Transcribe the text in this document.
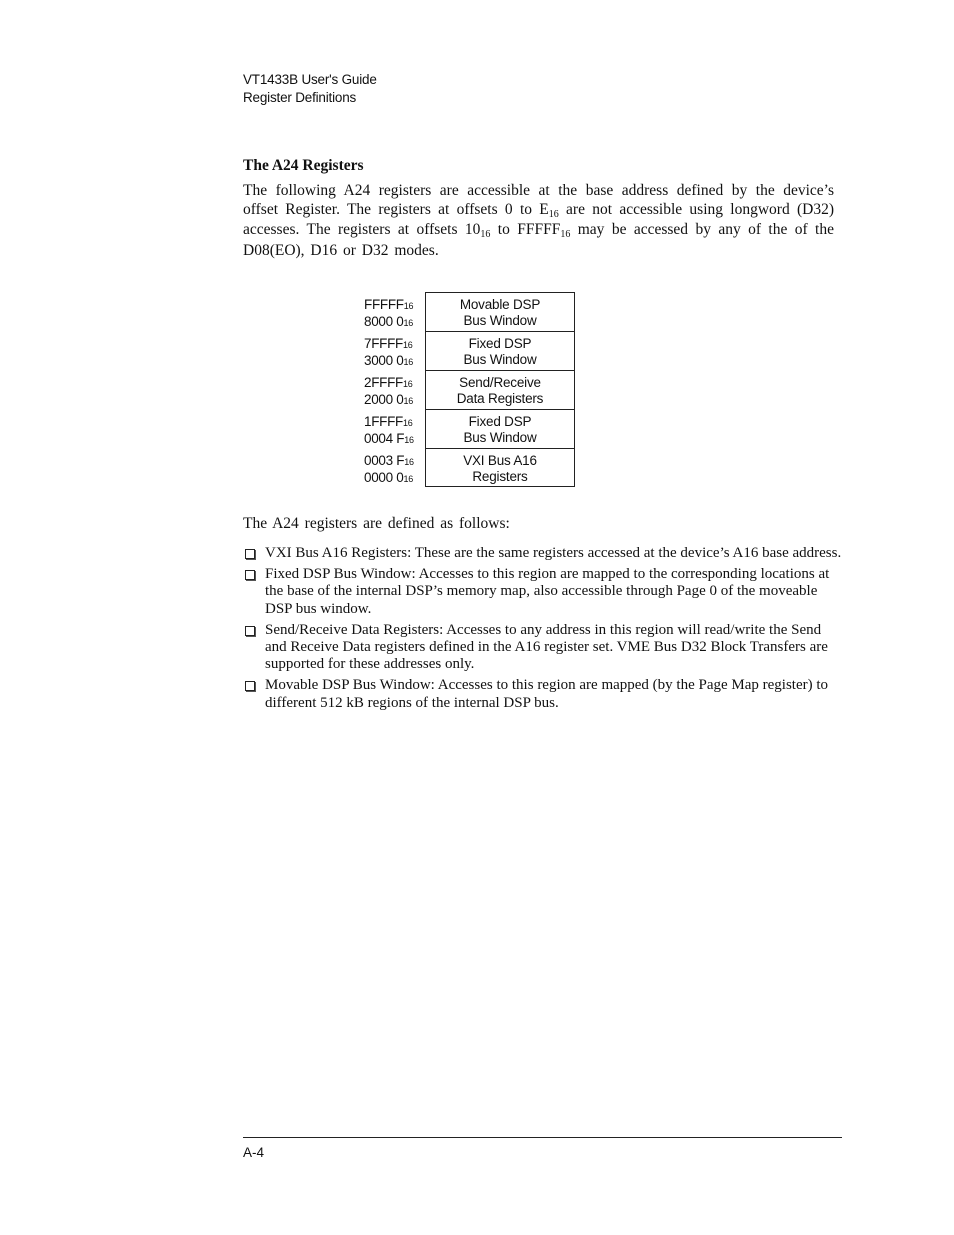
VT1433B User's Guide
Register Definitions
The A24 Registers
The following A24 registers are accessible at the base address defined by the device’s offset Register. The registers at offsets 0 to $E_{16}$ are not accessible using longword (D32) accesses. The registers at offsets $10_{16}$ to $FFFFF_{16}$ may be accessed by any of the of the D08(EO), D16 or D32 modes.
FFFFF16
8000 016
Movable DSP
Bus Window
7FFFF16
3000 016
Fixed DSP
Bus Window
2FFFF16
2000 016
Send/Receive
Data Registers
1FFFF16
0004 F16
Fixed DSP
Bus Window
0003 F16
0000 016
VXI Bus A16
Registers
The A24 registers are defined as follows:
VXI Bus A16 Registers: These are the same registers accessed at the device’s A16 base address.
Fixed DSP Bus Window: Accesses to this region are mapped to the corresponding locations at the base of the internal DSP’s memory map, also accessible through Page 0 of the moveable DSP bus window.
Send/Receive Data Registers: Accesses to any address in this region will read/write the Send and Receive Data registers defined in the A16 register set. VME Bus D32 Block Transfers are supported for these addresses only.
Movable DSP Bus Window: Accesses to this region are mapped (by the Page Map register) to different 512 kB regions of the internal DSP bus.
A-4
